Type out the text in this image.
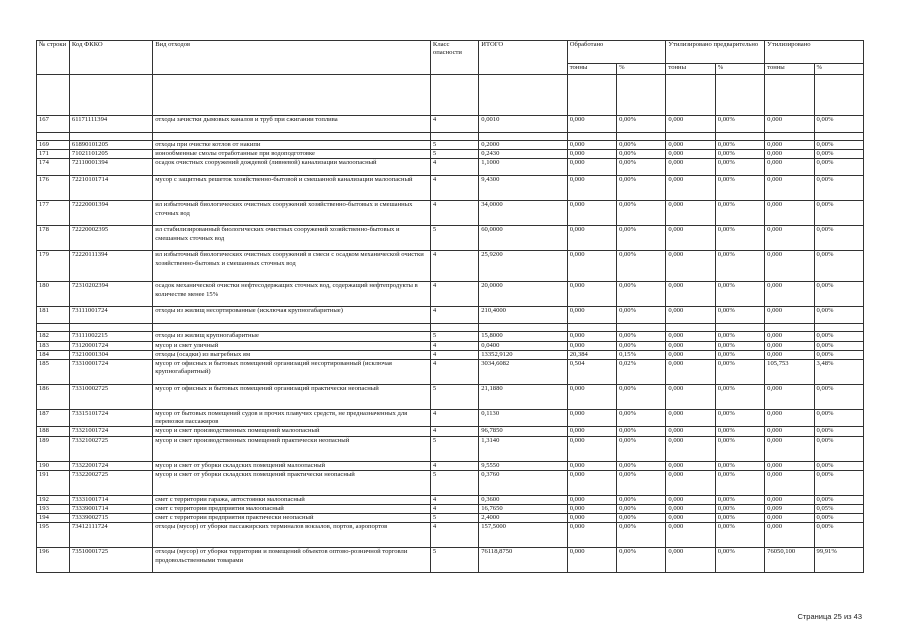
№ строки	Код ФККО	Вид отходов	Класс опасности	ИТОГО	Обработано		Утилизировано предварительно		Утилизировано	
					тонны	%	тонны	%	тонны	%

167	61171111394	отходы зачистки дымовых каналов и труб при сжигании топлива	4	0,0010	0,000	0,00%	0,000	0,00%	0,000	0,00%

169	61890101205	отходы при очистке котлов от накипи	5	0,2000	0,000	0,00%	0,000	0,00%	0,000	0,00%
171	71021101205	ионообменные смолы отработанные при водоподготовке	5	0,2430	0,000	0,00%	0,000	0,00%	0,000	0,00%
174	72110001394	осадок очистных сооружений дождевой (ливневой) канализации малоопасный	4	1,1000	0,000	0,00%	0,000	0,00%	0,000	0,00%
176	72210101714	мусор с защитных решеток хозяйственно-бытовой и смешанной канализации малоопасный	4	9,4300	0,000	0,00%	0,000	0,00%	0,000	0,00%
177	72220001394	ил избыточный биологических очистных сооружений хозяйственно-бытовых и смешанных сточных вод	4	34,0000	0,000	0,00%	0,000	0,00%	0,000	0,00%
178	72220002395	ил стабилизированный биологических очистных сооружений хозяйственно-бытовых и смешанных сточных вод	5	60,0000	0,000	0,00%	0,000	0,00%	0,000	0,00%
179	72220111394	ил избыточный биологических очистных сооружений в смеси с осадком механической очистки хозяйственно-бытовых и смешанных сточных вод	4	25,9200	0,000	0,00%	0,000	0,00%	0,000	0,00%
180	72310202394	осадок механической очистки нефтесодержащих сточных вод, содержащий нефтепродукты в количестве менее 15%	4	20,0000	0,000	0,00%	0,000	0,00%	0,000	0,00%
181	73111001724	отходы из жилищ несортированные (исключая крупногабаритные)	4	210,4000	0,000	0,00%	0,000	0,00%	0,000	0,00%

182	73111002215	отходы из жилищ крупногабаритные	5	15,8000	0,000	0,00%	0,000	0,00%	0,000	0,00%
183	73120001724	мусор и смет уличный	4	0,0400	0,000	0,00%	0,000	0,00%	0,000	0,00%
184	73210001304	отходы (осадки) из выгребных ям	4	13352,9120	20,384	0,15%	0,000	0,00%	0,000	0,00%
185	73310001724	мусор от офисных и бытовых помещений организаций несортированный (исключая крупногабаритный)	4	3034,6082	0,504	0,02%	0,000	0,00%	105,753	3,48%
186	73310002725	мусор от офисных и бытовых помещений организаций практически неопасный	5	21,1880	0,000	0,00%	0,000	0,00%	0,000	0,00%
187	73315101724	мусор от бытовых помещений судов и прочих плавучих средств, не предназначенных для перевозки пассажиров	4	0,1130	0,000	0,00%	0,000	0,00%	0,000	0,00%
188	73321001724	мусор и смет производственных помещений малоопасный	4	96,7850	0,000	0,00%	0,000	0,00%	0,000	0,00%
189	73321002725	мусор и смет производственных помещений практически неопасный	5	1,3140	0,000	0,00%	0,000	0,00%	0,000	0,00%
190	73322001724	мусор и смет от уборки складских помещений малоопасный	4	9,5550	0,000	0,00%	0,000	0,00%	0,000	0,00%
191	73322002725	мусор и смет от уборки складских помещений практически неопасный	5	0,3760	0,000	0,00%	0,000	0,00%	0,000	0,00%
192	73331001714	смет с территории гаража, автостоянки малоопасный	4	0,3600	0,000	0,00%	0,000	0,00%	0,000	0,00%
193	73339001714	смет с территории предприятия малоопасный	4	16,7650	0,000	0,00%	0,000	0,00%	0,009	0,05%
194	73339002715	смет с территории предприятия практически неопасный	5	2,4000	0,000	0,00%	0,000	0,00%	0,000	0,00%
195	73412111724	отходы (мусор) от уборки пассажирских терминалов вокзалов, портов, аэропортов	4	157,5000	0,000	0,00%	0,000	0,00%	0,000	0,00%
196	73510001725	отходы (мусор) от уборки территории и помещений объектов оптово-розничной торговли продовольственными товарами	5	76118,8750	0,000	0,00%	0,000	0,00%	76050,100	99,91%
Страница 25 из 43
